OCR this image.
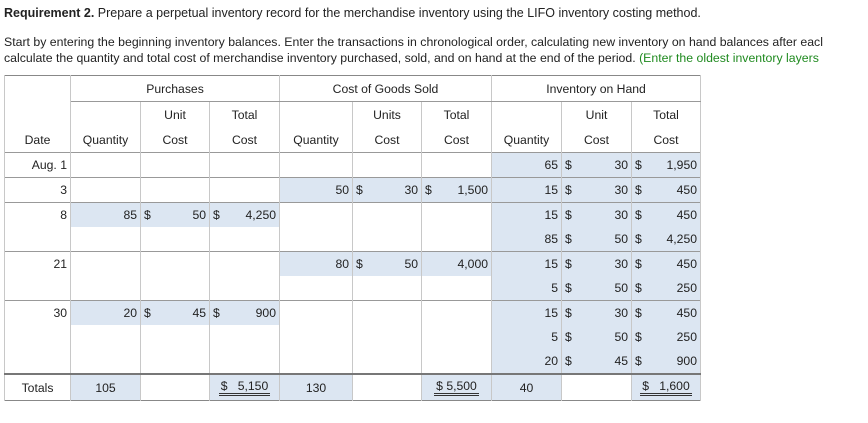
Requirement 2. Prepare a perpetual inventory record for the merchandise inventory using the LIFO inventory costing method.
Start by entering the beginning inventory balances. Enter the transactions in chronological order, calculating new inventory on hand balances after eacl
calculate the quantity and total cost of merchandise inventory purchased, sold, and on hand at the end of the period. (Enter the oldest inventory layers
	Purchases			Cost of Goods Sold			Inventory on Hand		
		Unit	Total		Units	Total		Unit	Total
Date	Quantity	Cost	Cost	Quantity	Cost	Cost	Quantity	Cost	Cost
Aug. 1							65	$ 30	$ 1,950

3				50	$ 30	$ 1,500	15	$ 30	$ 450

8	85	$ 50	$ 4,250				15	$ 30	$ 450

							85	$ 50	$ 4,250

21				80	$ 50	4,000	15	$ 30	$ 450

							5	$ 50	$ 250

30	20	$ 45	$ 900				15	$ 30	$ 450

							5	$ 50	$ 250

							20	$ 45	$ 900

Totals	105		$ 5,150	130		$ 5,500	40		$ 1,600
